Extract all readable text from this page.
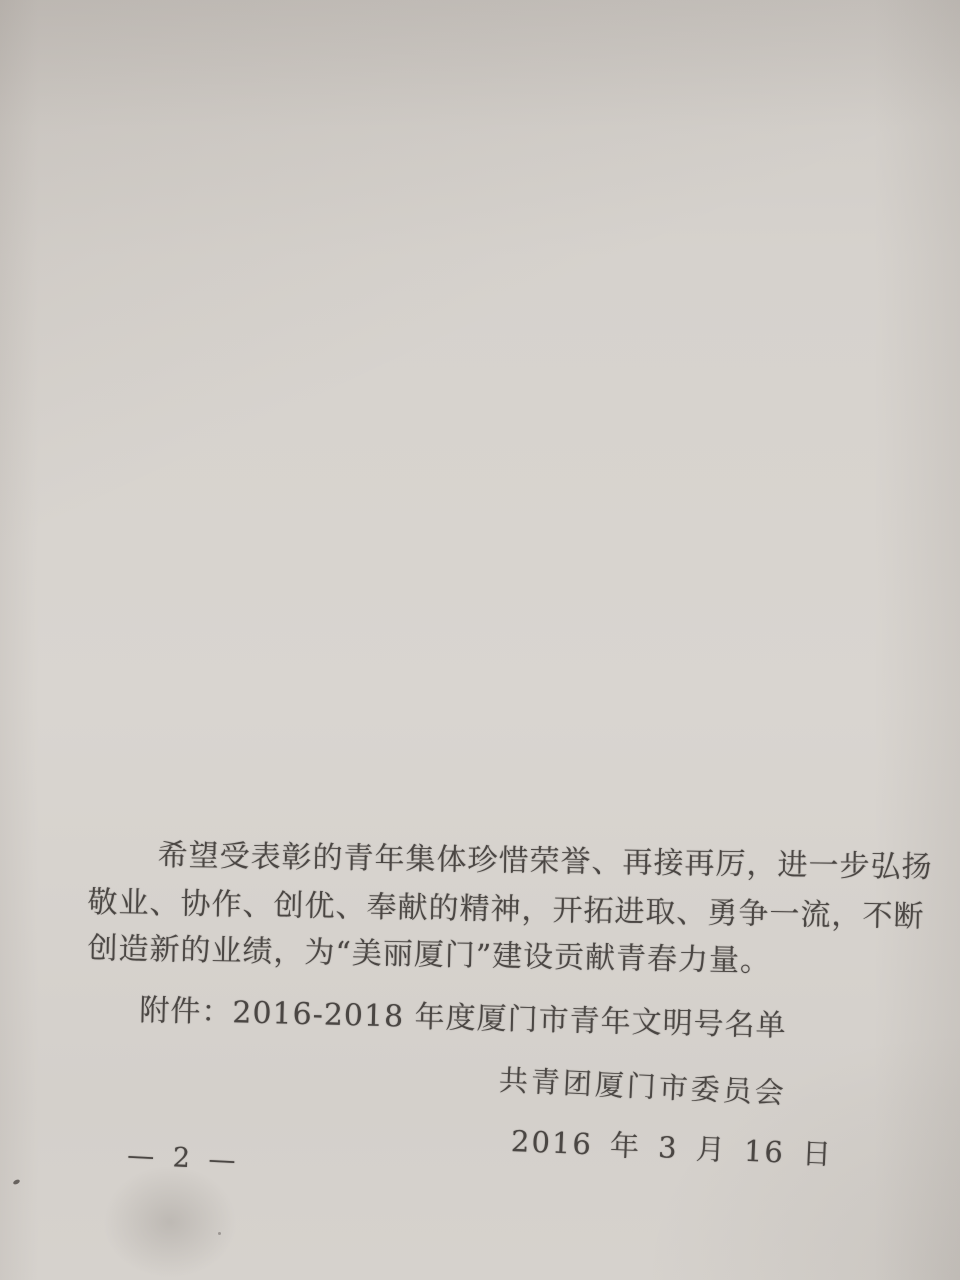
希望受表彰的青年集体珍惜荣誉、再接再厉，进一步弘扬
敬业、协作、创优、奉献的精神，开拓进取、勇争一流，不断
创造新的业绩，为“美丽厦门”建设贡献青春力量。
附件：2016-2018 年度厦门市青年文明号名单
共青团厦门市委员会
2016 年 3 月 16 日
— 2 —
